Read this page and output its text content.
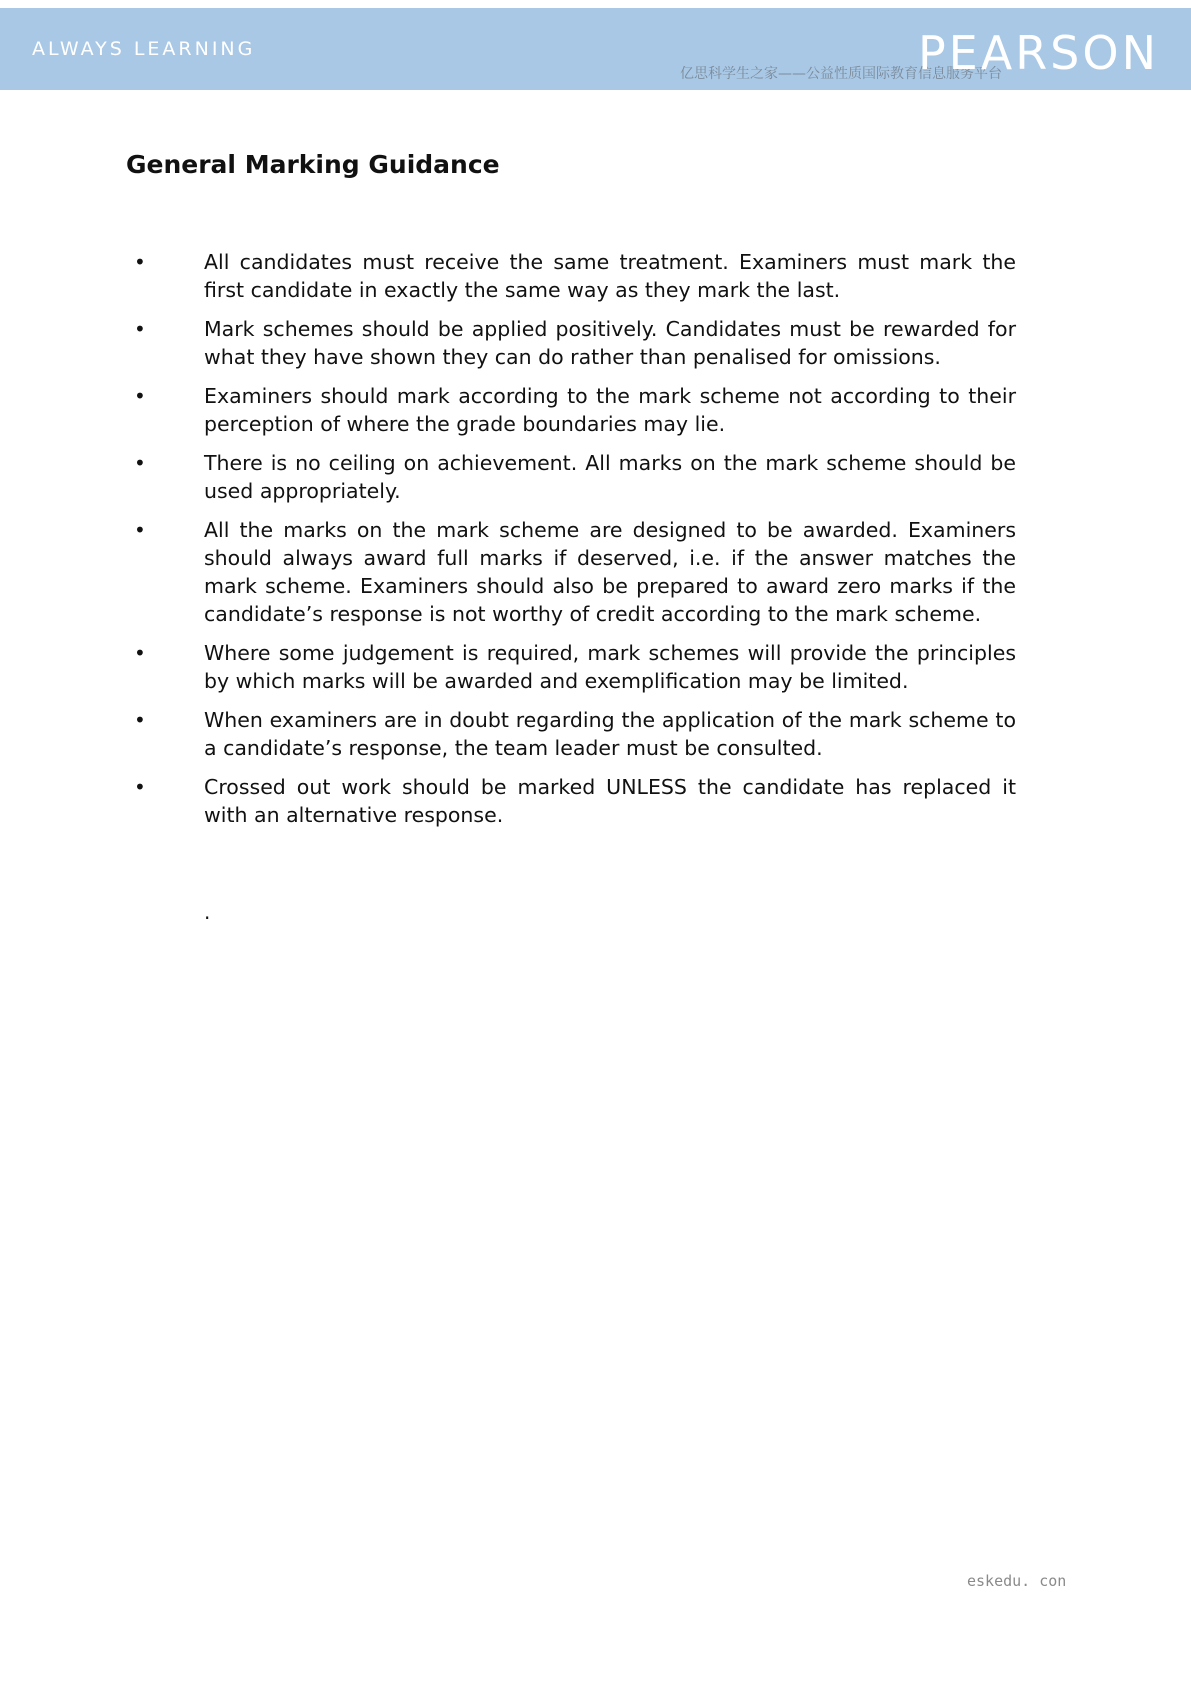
ALWAYS LEARNING
亿思科学生之家——公益性质国际教育信息服务平台
PEARSON
General Marking Guidance
•	All candidates must receive the same treatment. Examiners must mark the first candidate in exactly the same way as they mark the last.
•	Mark schemes should be applied positively. Candidates must be rewarded for what they have shown they can do rather than penalised for omissions.
•	Examiners should mark according to the mark scheme not according to their perception of where the grade boundaries may lie.
•	There is no ceiling on achievement. All marks on the mark scheme should be used appropriately.
•	All the marks on the mark scheme are designed to be awarded. Examiners should always award full marks if deserved, i.e. if the answer matches the mark scheme. Examiners should also be prepared to award zero marks if the candidate’s response is not worthy of credit according to the mark scheme.
•	Where some judgement is required, mark schemes will provide the principles by which marks will be awarded and exemplification may be limited.
•	When examiners are in doubt regarding the application of the mark scheme to a candidate’s response, the team leader must be consulted.
•	Crossed out work should be marked UNLESS the candidate has replaced it with an alternative response.
.
eskedu. con
